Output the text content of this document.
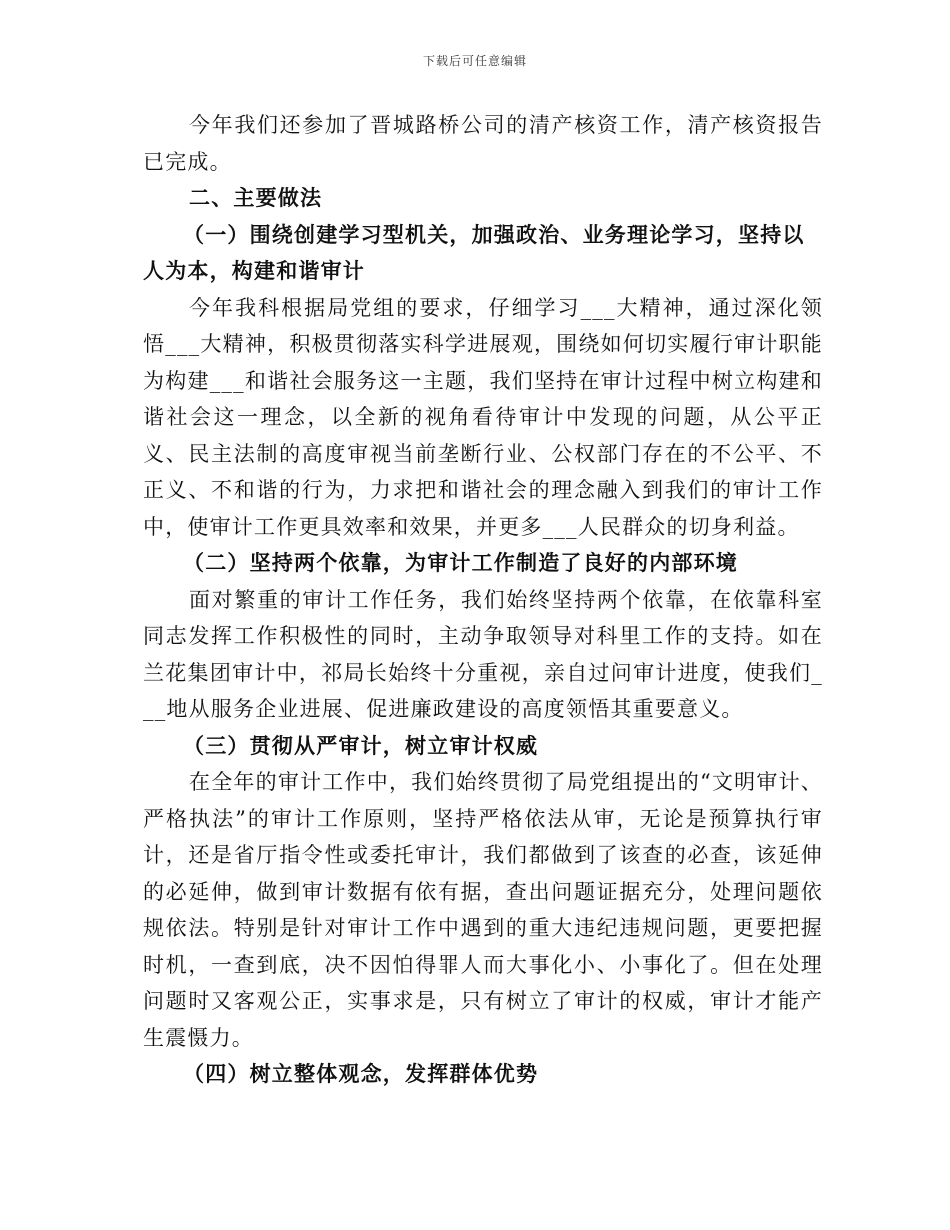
下载后可任意编辑

今年我们还参加了晋城路桥公司的清产核资工作，清产核资报告已完成。

二、主要做法

（一）围绕创建学习型机关，加强政治、业务理论学习，坚持以人为本，构建和谐审计

今年我科根据局党组的要求，仔细学习___大精神，通过深化领悟___大精神，积极贯彻落实科学进展观，围绕如何切实履行审计职能为构建___和谐社会服务这一主题，我们坚持在审计过程中树立构建和谐社会这一理念，以全新的视角看待审计中发现的问题，从公平正义、民主法制的高度审视当前垄断行业、公权部门存在的不公平、不正义、不和谐的行为，力求把和谐社会的理念融入到我们的审计工作中，使审计工作更具效率和效果，并更多___人民群众的切身利益。

（二）坚持两个依靠，为审计工作制造了良好的内部环境

面对繁重的审计工作任务，我们始终坚持两个依靠，在依靠科室同志发挥工作积极性的同时，主动争取领导对科里工作的支持。如在兰花集团审计中，祁局长始终十分重视，亲自过问审计进度，使我们___地从服务企业进展、促进廉政建设的高度领悟其重要意义。

（三）贯彻从严审计，树立审计权威

在全年的审计工作中，我们始终贯彻了局党组提出的“文明审计、严格执法”的审计工作原则，坚持严格依法从审，无论是预算执行审计，还是省厅指令性或委托审计，我们都做到了该查的必查，该延伸的必延伸，做到审计数据有依有据，查出问题证据充分，处理问题依规依法。特别是针对审计工作中遇到的重大违纪违规问题，更要把握时机，一查到底，决不因怕得罪人而大事化小、小事化了。但在处理问题时又客观公正，实事求是，只有树立了审计的权威，审计才能产生震慑力。

（四）树立整体观念，发挥群体优势
